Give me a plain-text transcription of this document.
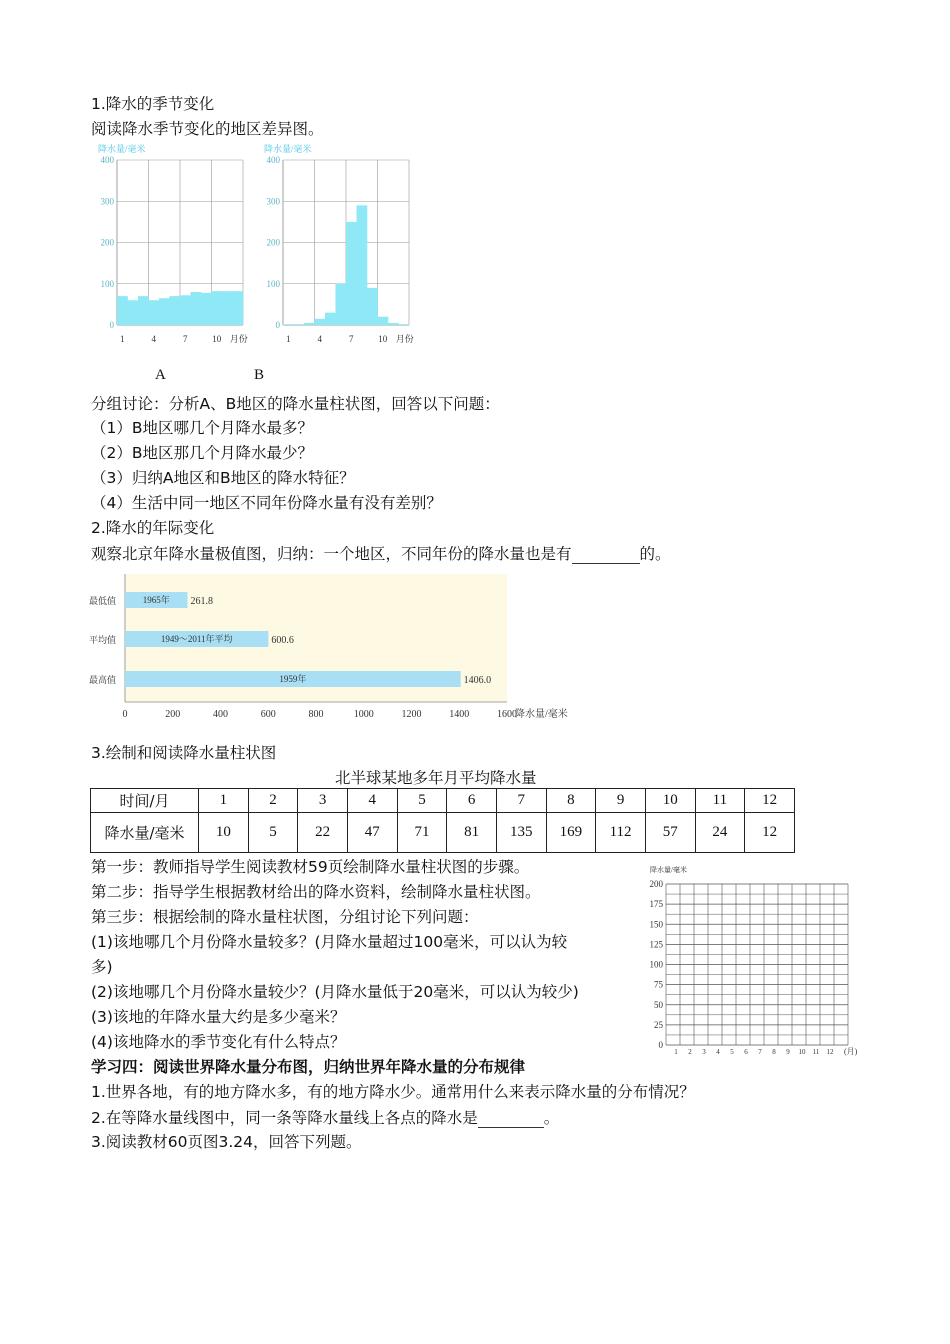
1.降水的季节变化
阅读降水季节变化的地区差异图。
降水量/毫米
0
100
200
300
400
1	4	7	10 月份
降水量/毫米
0
100
200
300
400
1	4	7	10 月份
A	B
分组讨论：分析A、B地区的降水量柱状图，回答以下问题：
（1）B地区哪几个月降水最多？
（2）B地区那几个月降水最少？
（3）归纳A地区和B地区的降水特征？
（4）生活中同一地区不同年份降水量有没有差别？
2.降水的年际变化
观察北京年降水量极值图，归纳：一个地区，不同年份的降水量也是有	的。
最低值	1965年 261.8
平均值	1949～2011年平均	600.6
最高值	1959年	1406.0
0	200	400	600	800	1000	1200	1400	1600
降水量/毫米
3.绘制和阅读降水量柱状图
北半球某地多年月平均降水量
时间/月	1	2	3	4	5	6	7	8	9	10	11	12
降水量/毫米	10	5	22	47	71	81	135	169	112	57	24	12
第一步：教师指导学生阅读教材59页绘制降水量柱状图的步骤。
第二步：指导学生根据教材给出的降水资料，绘制降水量柱状图。
第三步：根据绘制的降水量柱状图，分组讨论下列问题：
(1)该地哪几个月份降水量较多？(月降水量超过100毫米，可以认为较
多)
(2)该地哪几个月份降水量较少？(月降水量低于20毫米，可以认为较少)
(3)该地的年降水量大约是多少毫米？
(4)该地降水的季节变化有什么特点？
降水量/毫米
0
25
50
75
100
125
150
175
200
1 2 3 4 5 6 7 8 9 10 11 12 (月)
学习四：阅读世界降水量分布图，归纳世界年降水量的分布规律
1.世界各地，有的地方降水多，有的地方降水少。通常用什么来表示降水量的分布情况？
2.在等降水量线图中，同一条等降水量线上各点的降水是	。
3.阅读教材60页图3.24，回答下列题。
